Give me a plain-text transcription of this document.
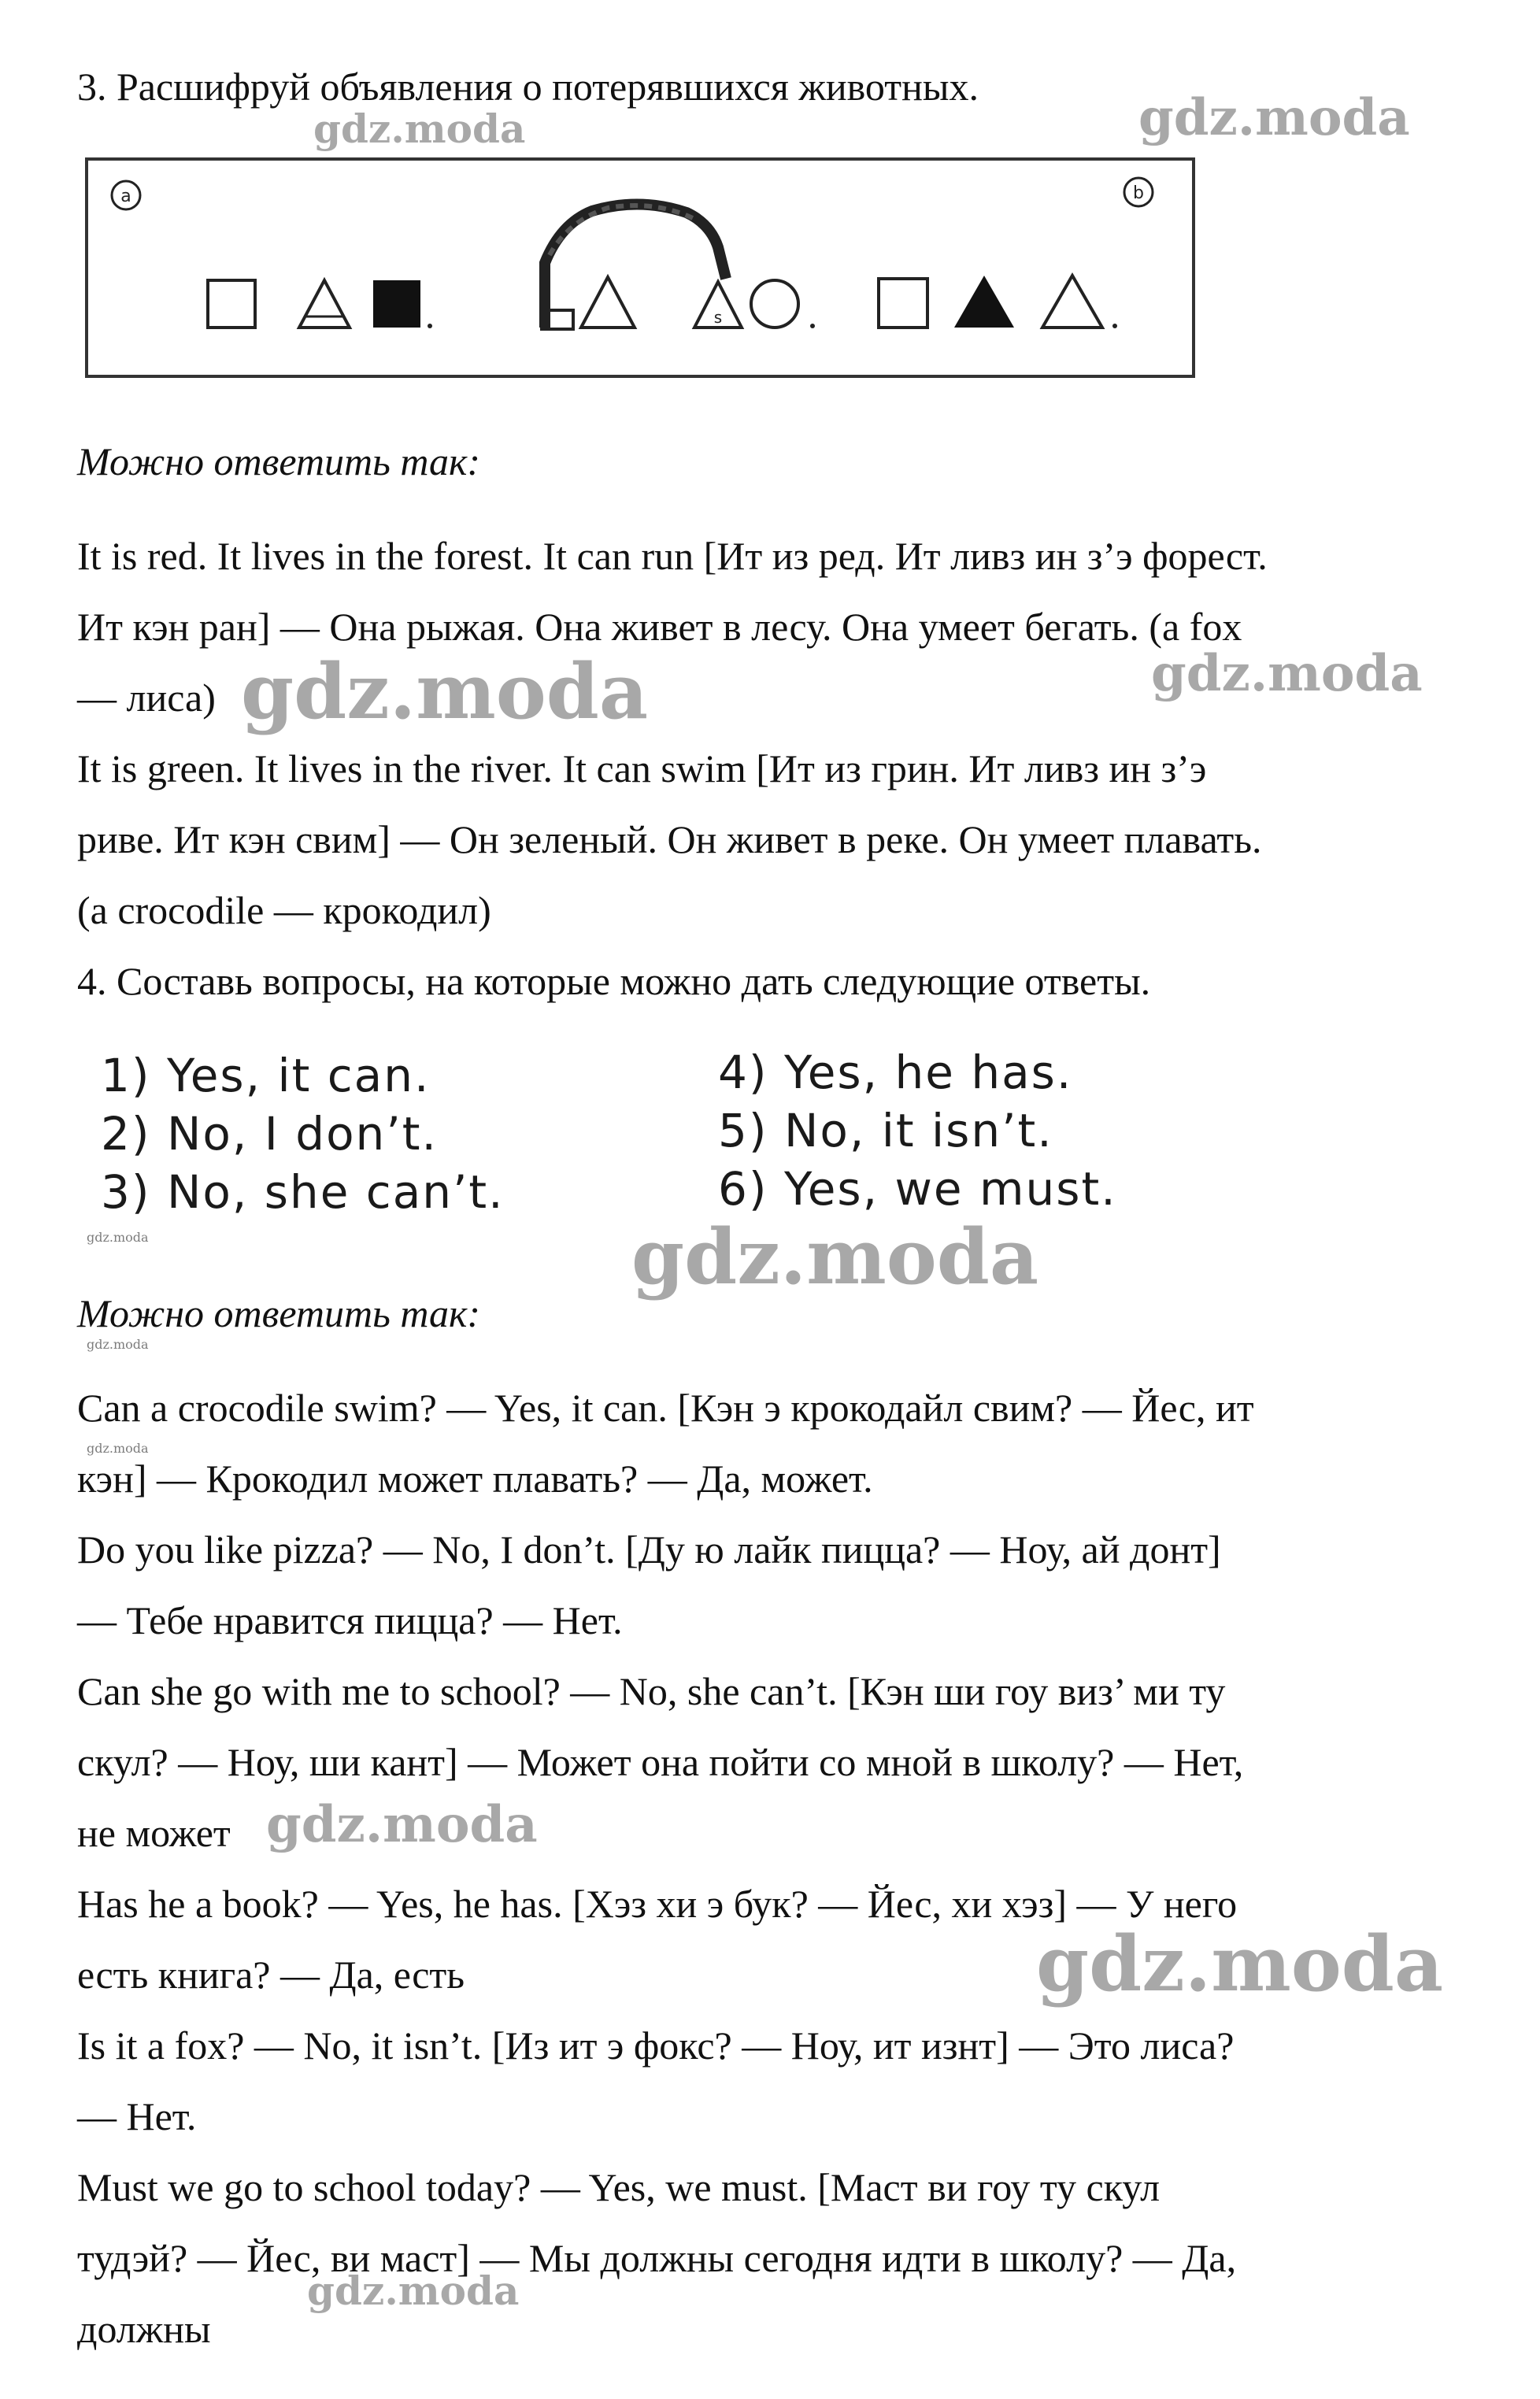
3. Расшифруй объявления о потерявшихся животных.
a	b
s
Можно ответить так:
It is red. It lives in the forest. It can run [Ит из ред. Ит ливз ин з’э форест.
Ит кэн ран] — Она рыжая. Она живет в лесу. Она умеет бегать. (a fox
— лиса)
It is green. It lives in the river. It can swim [Ит из грин. Ит ливз ин з’э
риве. Ит кэн свим] — Он зеленый. Он живет в реке. Он умеет плавать.
(a crocodile — крокодил)
4. Составь вопросы, на которые можно дать следующие ответы.
1) Yes, it can.
2) No, I don’t.
3) No, she can’t.
4) Yes, he has.
5) No, it isn’t.
6) Yes, we must.
Можно ответить так:
Can a crocodile swim? — Yes, it can. [Кэн э крокодайл свим? — Йес, ит
кэн] — Крокодил может плавать? — Да, может.
Do you like pizza? — No, I don’t. [Ду ю лайк пицца? — Ноу, ай донт]
— Тебе нравится пицца? — Нет.
Can she go with me to school? — No, she can’t. [Кэн ши гоу виз’ ми ту
скул? — Ноу, ши кант] — Может она пойти со мной в школу? — Нет,
не может
Has he a book? — Yes, he has. [Хэз хи э бук? — Йес, хи хэз] — У него
есть книга? — Да, есть
Is it a fox? — No, it isn’t. [Из ит э фокс? — Ноу, ит изнт] — Это лиса?
— Нет.
Must we go to school today? — Yes, we must. [Маст ви гоу ту скул
тудэй? — Йес, ви маст] — Мы должны сегодня идти в школу? — Да,
должны
gdz.moda	gdz.moda
gdz.moda	gdz.moda
gdz.moda	gdz.moda
gdz.moda
gdz.moda
gdz.moda
gdz.moda
gdz.moda
